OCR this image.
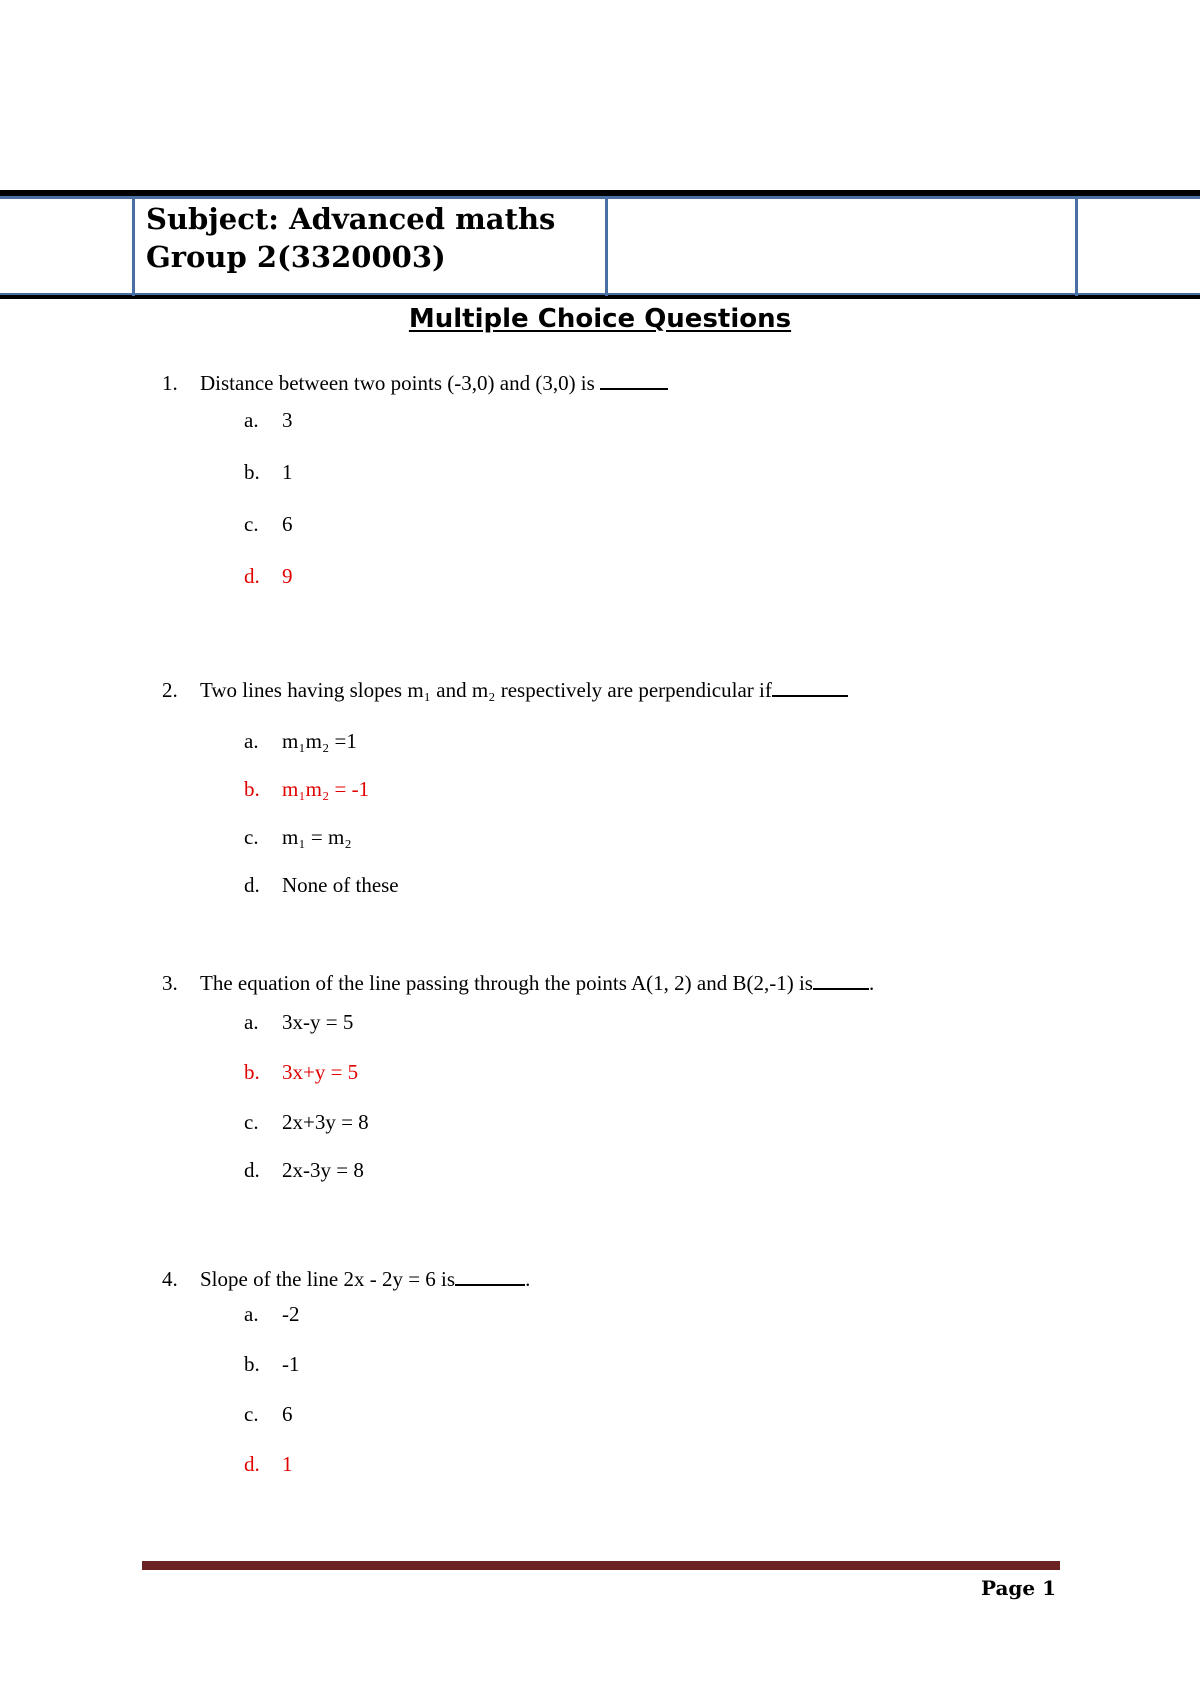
Subject: Advanced maths
Group 2(3320003)
Multiple Choice Questions
1. Distance between two points (-3,0) and (3,0) is
a. 3
b. 1
c. 6
d. 9
2. Two lines having slopes m₁ and m₂ respectively are perpendicular if
a. m₁m₂ =1
b. m₁m₂ = -1
c. m₁ = m₂
d. None of these
3. The equation of the line passing through the points A(1, 2) and B(2,-1) is	.
a. 3x-y = 5
b. 3x+y = 5
c. 2x+3y = 8
d. 2x-3y = 8
4. Slope of the line 2x - 2y = 6 is	.
a. -2
b. -1
c. 6
d. 1
Page 1
